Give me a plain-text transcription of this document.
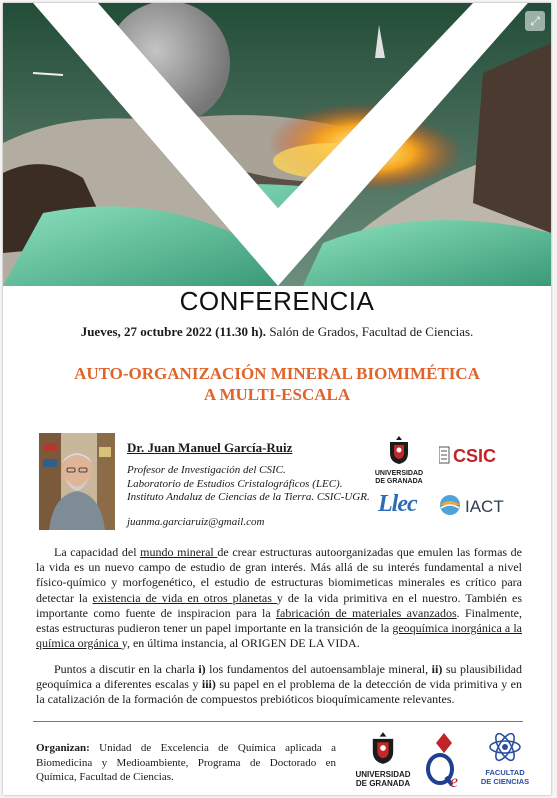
⤢
CONFERENCIA
Jueves, 27 octubre 2022 (11.30 h). Salón de Grados, Facultad de Ciencias.
AUTO-ORGANIZACIÓN MINERAL BIOMIMÉTICA
A MULTI-ESCALA
Dr. Juan Manuel García-Ruiz
Profesor de Investigación del CSIC.
Laboratorio de Estudios Cristalográficos (LEC).
Instituto Andaluz de Ciencias de la Tierra. CSIC-UGR.
juanma.garciaruiz@gmail.com
UNIVERSIDAD
DE GRANADA
CSIC
Llec	IACT
La capacidad del mundo mineral de crear estructuras autoorganizadas que emulen las formas de la vida es un nuevo campo de estudio de gran interés. Más allá de su interés fundamental a nivel físico-químico y morfogenético, el estudio de estructuras biomimeticas minerales es crítico para detectar la existencia de vida en otros planetas y de la vida primitiva en el nuestro. También es importante como fuente de inspiracion para la fabricación de materiales avanzados. Finalmente, estas estructuras pudieron tener un papel importante en la transición de la geoquímica inorgánica a la química orgánica y, en última instancia, al ORIGEN DE LA VIDA.
Puntos a discutir en la charla i) los fundamentos del autoensamblaje mineral, ii) su plausibilidad geoquímica a diferentes escalas y iii) su papel en el problema de la detección de vida primitiva y en la catalización de la formación de compuestos prebióticos bioquímicamente relevantes.
Organizan: Unidad de Excelencia de Química aplicada a Biomedicina y Medioambiente, Programa de Doctorado en Química, Facultad de Ciencias.	UNIVERSIDAD
DE GRANADA e	FACULTAD
DE CIENCIAS
